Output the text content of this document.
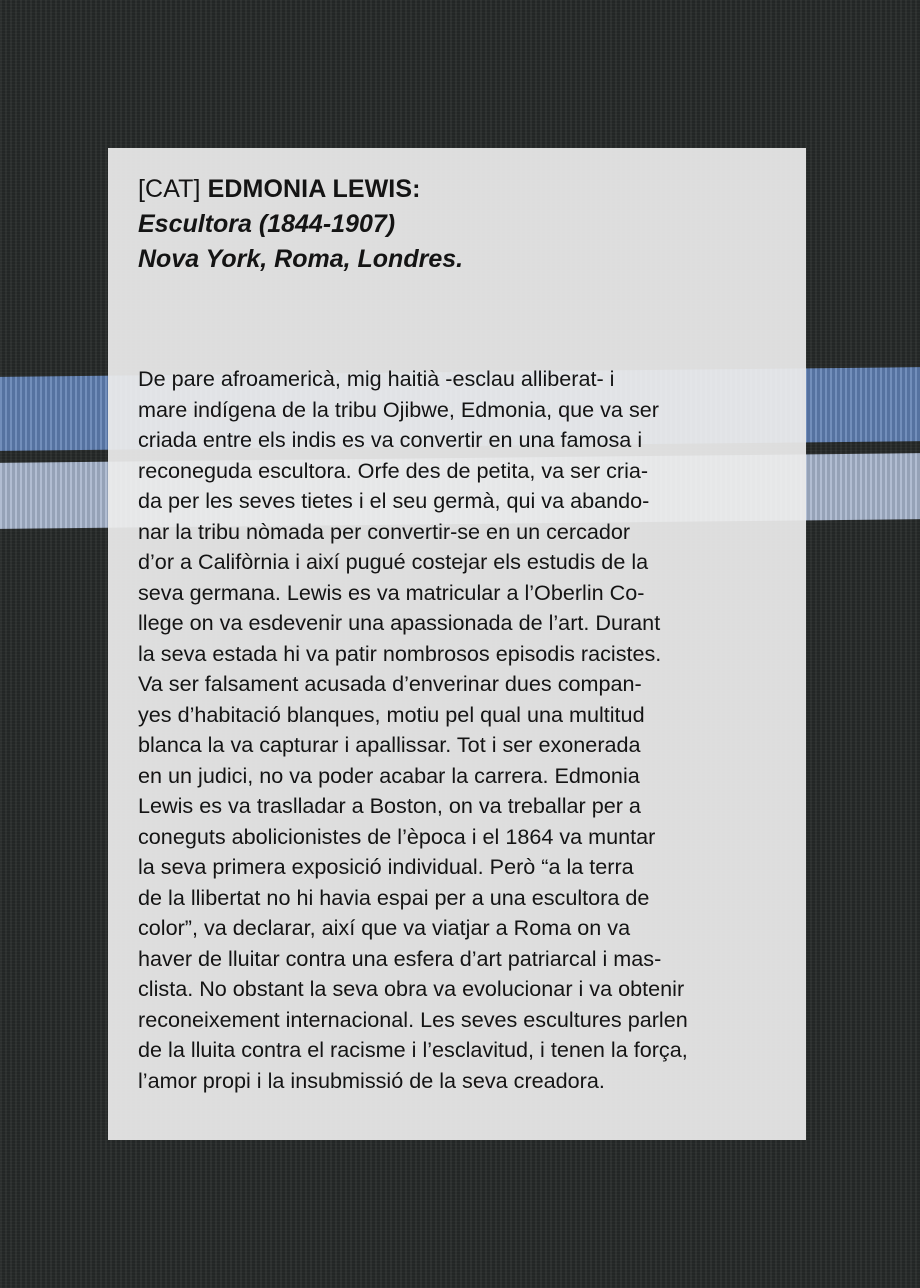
[CAT] EDMONIA LEWIS:

Escultora (1844-1907)

Nova York, Roma, Londres.

De pare afroamericà, mig haitià -esclau alliberat- i
mare indígena de la tribu Ojibwe, Edmonia, que va ser
criada entre els indis es va convertir en una famosa i
reconeguda escultora. Orfe des de petita, va ser cria-
da per les seves tietes i el seu germà, qui va abando-
nar la tribu nòmada per convertir-se en un cercador
d’or a Califòrnia i així pugué costejar els estudis de la
seva germana. Lewis es va matricular a l’Oberlin Co-
llege on va esdevenir una apassionada de l’art. Durant
la seva estada hi va patir nombrosos episodis racistes.
Va ser falsament acusada d’enverinar dues compan-
yes d’habitació blanques, motiu pel qual una multitud
blanca la va capturar i apallissar. Tot i ser exonerada
en un judici, no va poder acabar la carrera. Edmonia
Lewis es va traslladar a Boston, on va treballar per a
coneguts abolicionistes de l’època i el 1864 va muntar
la seva primera exposició individual. Però “a la terra
de la llibertat no hi havia espai per a una escultora de
color”, va declarar, així que va viatjar a Roma on va
haver de lluitar contra una esfera d’art patriarcal i mas-
clista. No obstant la seva obra va evolucionar i va obtenir
reconeixement internacional. Les seves escultures parlen
de la lluita contra el racisme i l’esclavitud, i tenen la força,
l’amor propi i la insubmissió de la seva creadora.
